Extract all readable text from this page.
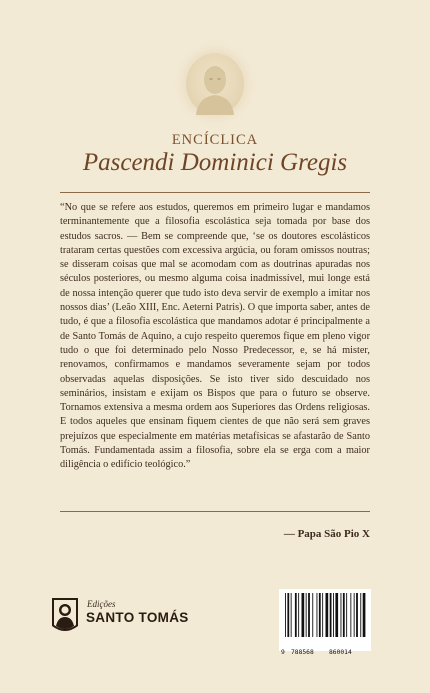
ENCÍCLICA
Pascendi Dominici Gregis

“No que se refere aos estudos, queremos em primeiro lugar e mandamos terminantemente que a filosofia escolástica seja tomada por base dos estudos sacros. — Bem se compreende que, ‘se os doutores escolásticos trataram certas questões com excessiva argúcia, ou foram omissos noutras; se disseram coisas que mal se acomodam com as doutrinas apuradas nos séculos posteriores, ou mesmo alguma coisa inadmissível, mui longe está de nossa intenção querer que tudo isto deva servir de exemplo a imitar nos nossos dias’ (Leão XIII, Enc. Aeterni Patris). O que importa saber, antes de tudo, é que a filosofia escolástica que mandamos adotar é principalmente a de Santo Tomás de Aquino, a cujo respeito queremos fique em pleno vigor tudo o que foi determinado pelo Nosso Predecessor, e, se há mister, renovamos, confirmamos e mandamos severamente sejam por todos observadas aquelas disposições. Se isto tiver sido descuidado nos seminários, insistam e exijam os Bispos que para o futuro se observe. Tornamos extensiva a mesma ordem aos Superiores das Ordens religiosas. E todos aqueles que ensinam fiquem cientes de que não será sem graves prejuízos que especialmente em matérias metafísicas se afastarão de Santo Tomás. Fundamentada assim a filosofia, sobre ela se erga com a maior diligência o edifício teológico.”

— Papa São Pio X
Edições
SANTO TOMÁS
9 788568 860014
